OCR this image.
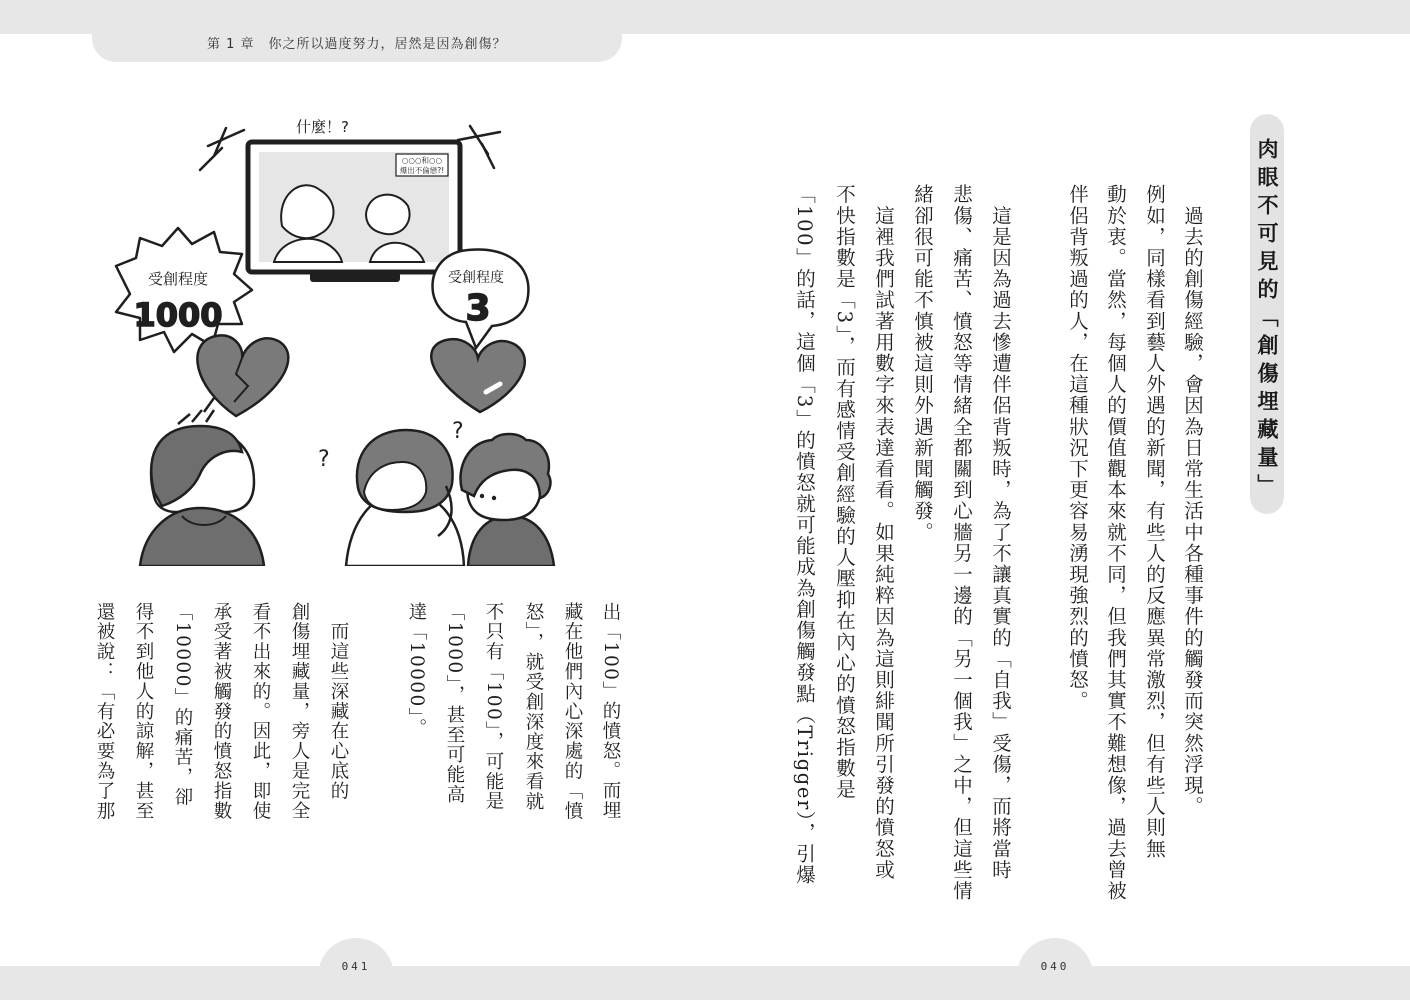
第 1 章　你之所以過度努力，居然是因為創傷？
041	040
肉眼不可見的「創傷埋藏量」
　過去的創傷經驗，會因為日常生活中各種事件的觸發而突然浮現。
例如，同樣看到藝人外遇的新聞，有些人的反應異常激烈，但有些人則無
動於衷。當然，每個人的價值觀本來就不同，但我們其實不難想像，過去曾被
伴侶背叛過的人，在這種狀況下更容易湧現強烈的憤怒。
　這是因為過去慘遭伴侶背叛時，為了不讓真實的「自我」受傷，而將當時
悲傷、痛苦、憤怒等情緒全都關到心牆另一邊的「另一個我」之中，但這些情
緒卻很可能不慎被這則外遇新聞觸發。
　這裡我們試著用數字來表達看看。如果純粹因為這則緋聞所引發的憤怒或
不快指數是「3」，而有感情受創經驗的人壓抑在內心的憤怒指數是
「100」的話，這個「3」的憤怒就可能成為創傷觸發點（Trigger），引爆
出「100」的憤怒。而埋
藏在他們內心深處的「憤
怒」，就受創深度來看就
不只有「100」，可能是
「1000」，甚至可能高
達「10000」。
　而這些深藏在心底的
創傷埋藏量，旁人是完全
看不出來的。因此，即使
承受著被觸發的憤怒指數
「10000」的痛苦，卻
得不到他人的諒解，甚至
還被說：「有必要為了那
什麼！?
○○○和○○
爆出不倫戀?!
受創程度
1000
受創程度
3
?
?
